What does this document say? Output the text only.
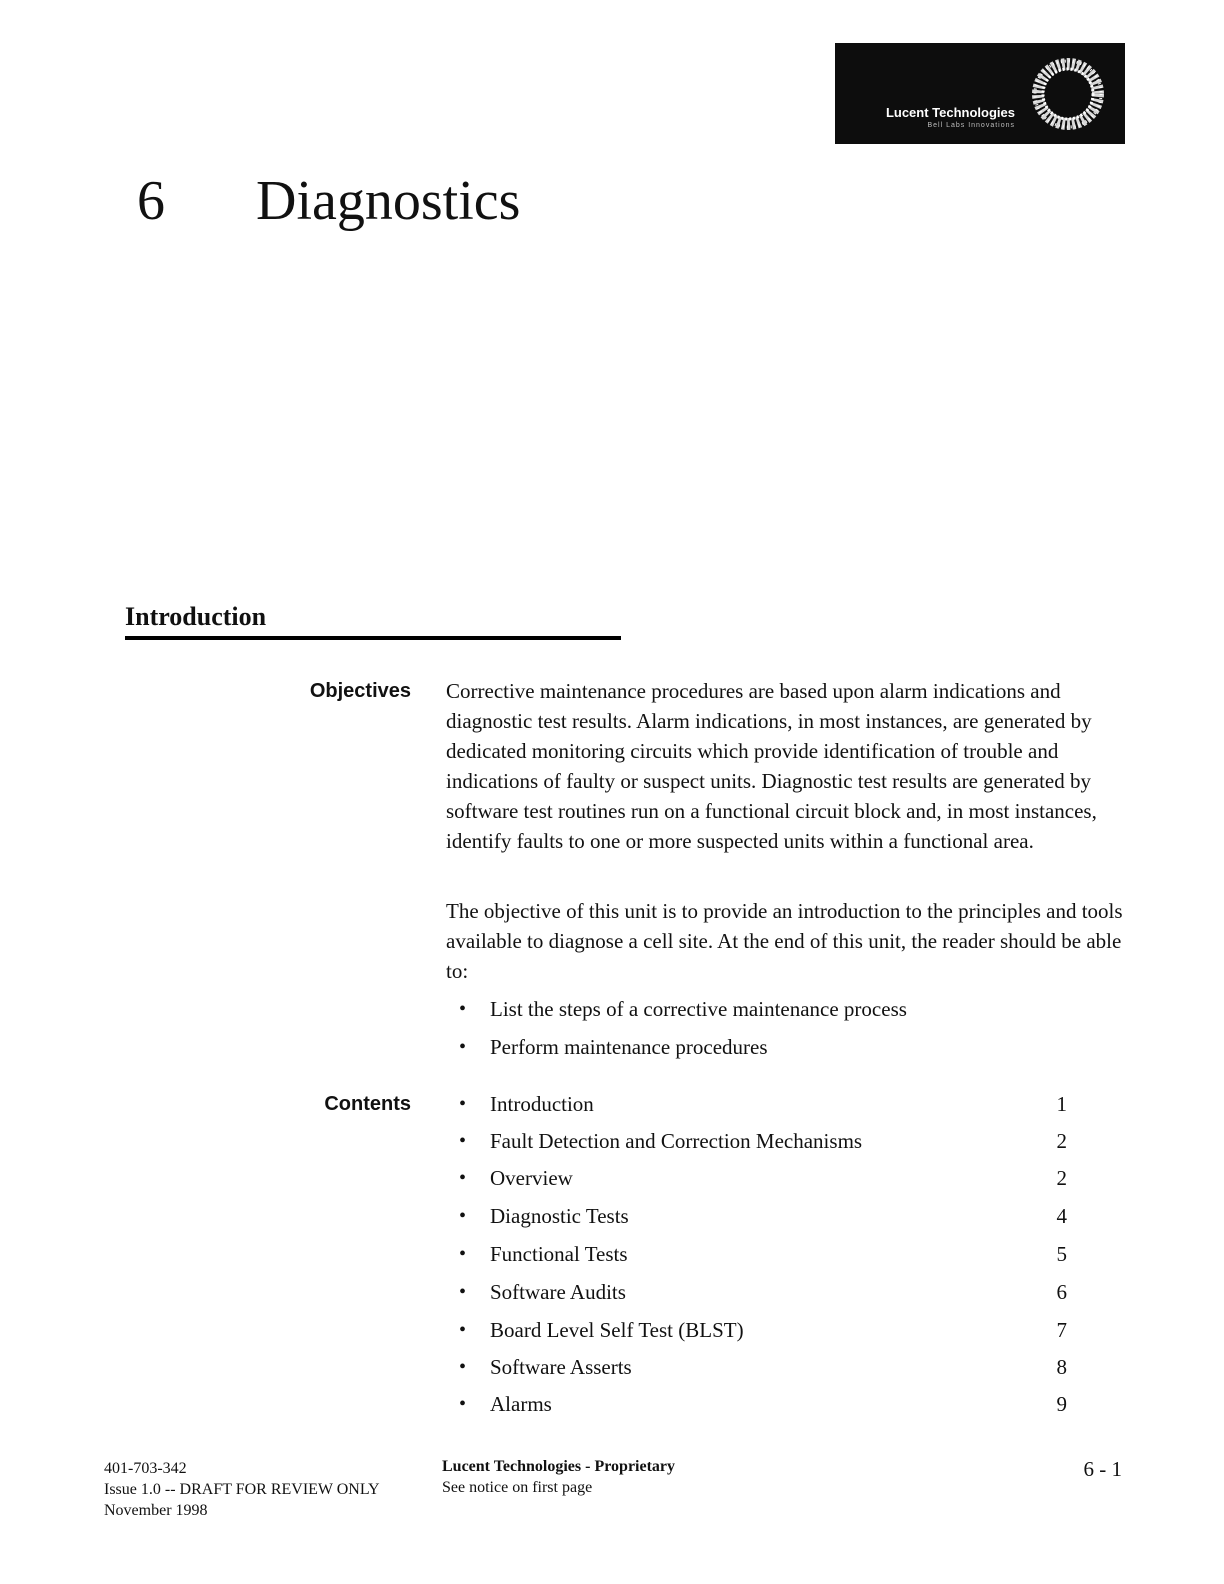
Lucent Technologies
Bell Labs Innovations
6 Diagnostics
Introduction
Objectives Corrective maintenance procedures are based upon alarm indications and diagnostic test results. Alarm indications, in most instances, are generated by dedicated monitoring circuits which provide identification of trouble and indications of faulty or suspect units. Diagnostic test results are generated by software test routines run on a functional circuit block and, in most instances, identify faults to one or more suspected units within a functional area.

The objective of this unit is to provide an introduction to the principles and tools available to diagnose a cell site. At the end of this unit, the reader should be able to:

• List the steps of a corrective maintenance process
• Perform maintenance procedures
Contents • Introduction	1
• Fault Detection and Correction Mechanisms	2
• Overview	2
• Diagnostic Tests	4
• Functional Tests	5
• Software Audits	6
• Board Level Self Test (BLST)	7
• Software Asserts	8
• Alarms	9
401-703-342
Issue 1.0 -- DRAFT FOR REVIEW ONLY
November 1998
Lucent Technologies - Proprietary
See notice on first page
6 - 1
